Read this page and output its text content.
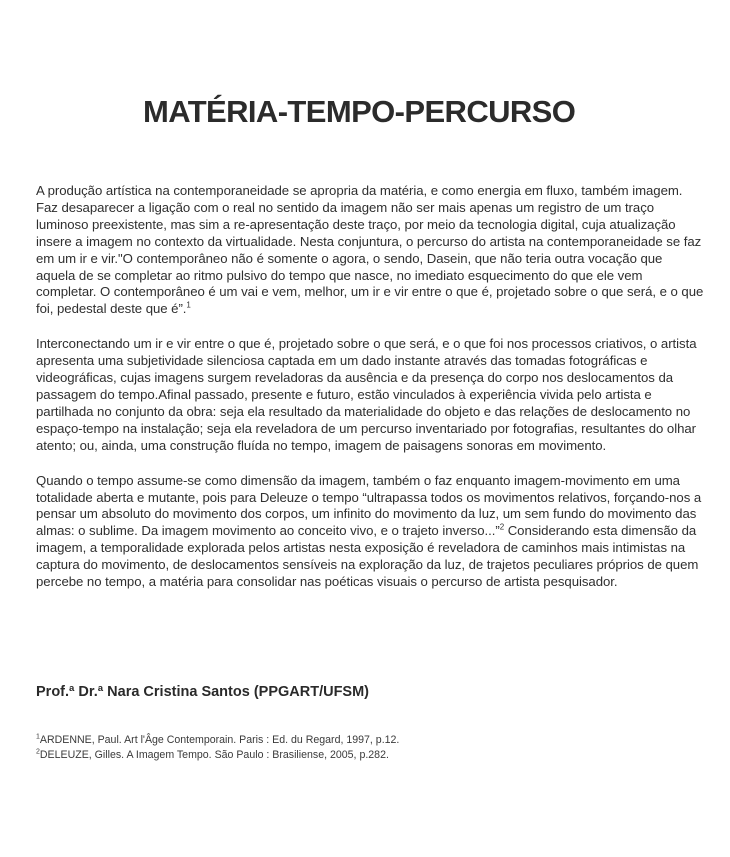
MATÉRIA-TEMPO-PERCURSO

A produção artística na contemporaneidade se apropria da matéria, e como energia em fluxo, também imagem. Faz desaparecer a ligação com o real no sentido da imagem não ser mais apenas um registro de um traço luminoso preexistente, mas sim a re-apresentação deste traço, por meio da tecnologia digital, cuja atualização insere a imagem no contexto da virtualidade. Nesta conjuntura, o percurso do artista na contemporaneidade se faz em um ir e vir."O contemporâneo não é somente o agora, o sendo, Dasein, que não teria outra vocação que aquela de se completar ao ritmo pulsivo do tempo que nasce, no imediato esquecimento do que ele vem completar. O contemporâneo é um vai e vem, melhor, um ir e vir entre o que é, projetado sobre o que será, e o que foi, pedestal deste que é”.$^1$

Interconectando um ir e vir entre o que é, projetado sobre o que será, e o que foi nos processos criativos, o artista apresenta uma subjetividade silenciosa captada em um dado instante através das tomadas fotográficas e videográficas, cujas imagens surgem reveladoras da ausência e da presença do corpo nos deslocamentos da passagem do tempo.Afinal passado, presente e futuro, estão vinculados à experiência vivida pelo artista e partilhada no conjunto da obra: seja ela resultado da materialidade do objeto e das relações de deslocamento no espaço-tempo na instalação; seja ela reveladora de um percurso inventariado por fotografias, resultantes do olhar atento; ou, ainda, uma construção fluída no tempo, imagem de paisagens sonoras em movimento.

Quando o tempo assume-se como dimensão da imagem, também o faz enquanto imagem-movimento em uma totalidade aberta e mutante, pois para Deleuze o tempo “ultrapassa todos os movimentos relativos, forçando-nos a pensar um absoluto do movimento dos corpos, um infinito do movimento da luz, um sem fundo do movimento das almas: o sublime. Da imagem movimento ao conceito vivo, e o trajeto inverso...”$^2$ Considerando esta dimensão da imagem, a temporalidade explorada pelos artistas nesta exposição é reveladora de caminhos mais intimistas na captura do movimento, de deslocamentos sensíveis na exploração da luz, de trajetos peculiares próprios de quem percebe no tempo, a matéria para consolidar nas poéticas visuais o percurso de artista pesquisador.

Prof.ª Dr.ª Nara Cristina Santos (PPGART/UFSM)

$^1$ARDENNE, Paul. Art l'Âge Contemporain. Paris : Ed. du Regard, 1997, p.12.

$^2$DELEUZE, Gilles. A Imagem Tempo. São Paulo : Brasiliense, 2005, p.282.
